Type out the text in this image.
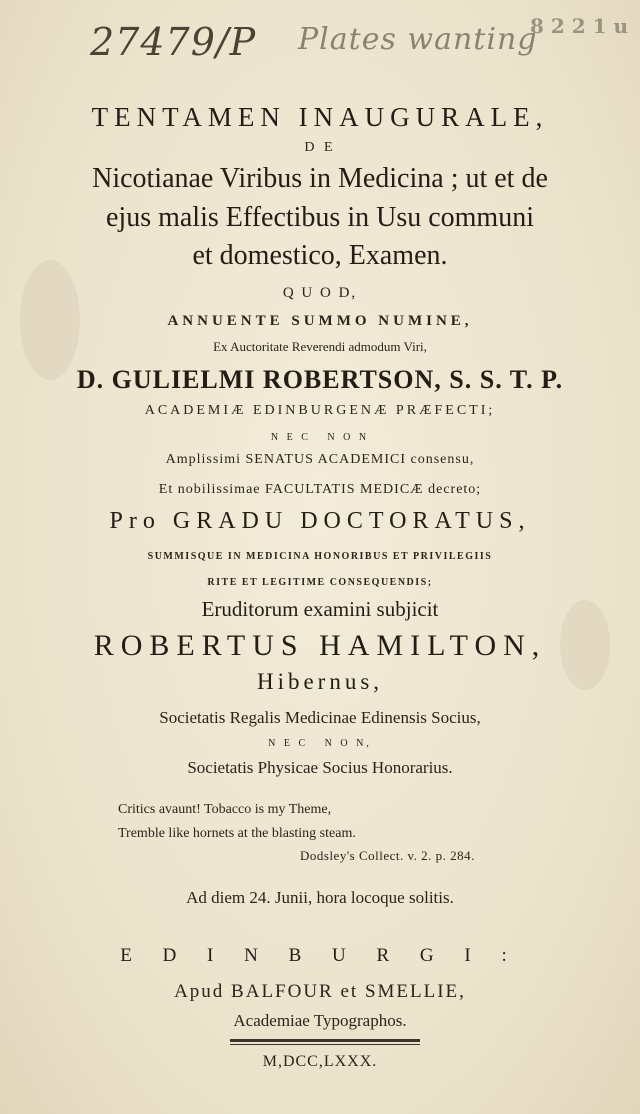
27479/P Plates wanting
8 2 2 1 u
TENTAMEN INAUGURALE,
D E
Nicotianae Viribus in Medicina ; ut et de
ejus malis Effectibus in Usu communi
et domestico, Examen.
Q U O D,
ANNUENTE SUMMO NUMINE,
Ex Auctoritate Reverendi admodum Viri,
D. GULIELMI ROBERTSON, S. S. T. P.
ACADEMIÆ EDINBURGENÆ PRÆFECTI;
N E C   N O N
Amplissimi SENATUS ACADEMICI consensu,
Et nobilissimae FACULTATIS MEDICÆ decreto;
Pro GRADU DOCTORATUS,
SUMMISQUE IN MEDICINA HONORIBUS ET PRIVILEGIIS
RITE ET LEGITIME CONSEQUENDIS;
Eruditorum examini subjicit
ROBERTUS HAMILTON,
Hibernus,
Societatis Regalis Medicinae Edinensis Socius,
N E C   N O N,
Societatis Physicae Socius Honorarius.
Critics avaunt! Tobacco is my Theme,
Tremble like hornets at the blasting steam.
Dodsley's Collect. v. 2. p. 284.
Ad diem 24. Junii, hora locoque solitis.
E D I N B U R G I :
Apud BALFOUR et SMELLIE,
Academiae Typographos.
M,DCC,LXXX.
